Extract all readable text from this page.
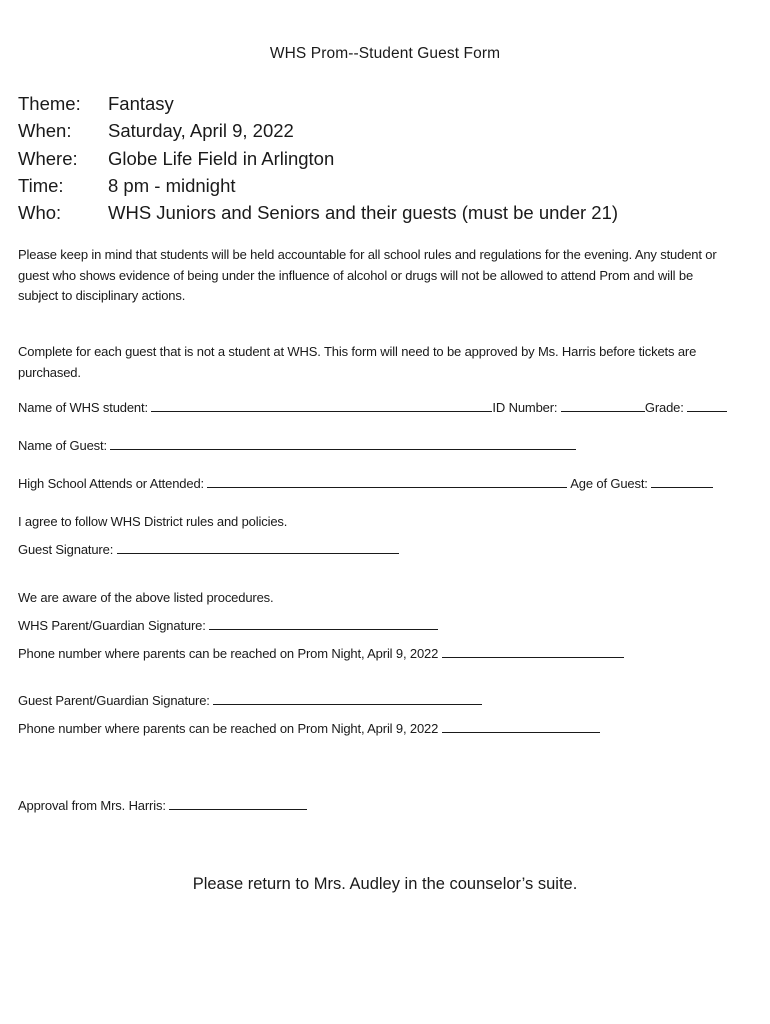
WHS Prom--Student Guest Form
Theme:	Fantasy
When:	Saturday, April 9, 2022
Where:	Globe Life Field in Arlington
Time:	8 pm - midnight
Who:	WHS Juniors and Seniors and their guests (must be under 21)
Please keep in mind that students will be held accountable for all school rules and regulations for the evening. Any student or guest who shows evidence of being under the influence of alcohol or drugs will not be allowed to attend Prom and will be subject to disciplinary actions.
Complete for each guest that is not a student at WHS. This form will need to be approved by Ms. Harris before tickets are purchased.
Name of WHS student:	ID Number:	Grade:
Name of Guest:
High School Attends or Attended:	Age of Guest:
I agree to follow WHS District rules and policies.
Guest Signature:
We are aware of the above listed procedures.
WHS Parent/Guardian Signature:
Phone number where parents can be reached on Prom Night, April 9, 2022
Guest Parent/Guardian Signature:
Phone number where parents can be reached on Prom Night, April 9, 2022
Approval from Mrs. Harris:
Please return to Mrs. Audley in the counselor’s suite.
